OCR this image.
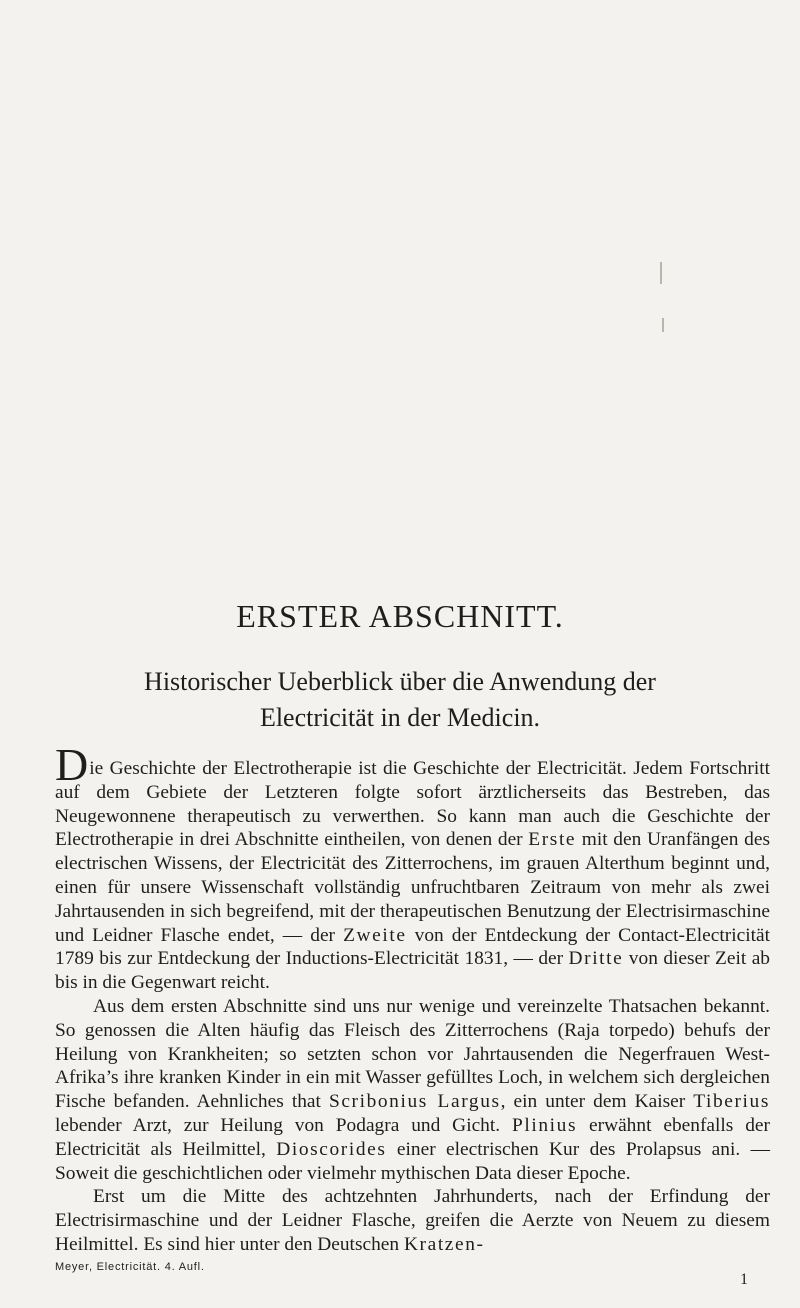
ERSTER ABSCHNITT.
Historischer Ueberblick über die Anwendung der
Electricität in der Medicin.

Die Geschichte der Electrotherapie ist die Geschichte der Electricität. Jedem Fortschritt auf dem Gebiete der Letzteren folgte sofort ärztlicherseits das Bestreben, das Neugewonnene therapeutisch zu verwerthen. So kann man auch die Geschichte der Electrotherapie in drei Abschnitte eintheilen, von denen der Erste mit den Uranfängen des electrischen Wissens, der Electricität des Zitterrochens, im grauen Alterthum beginnt und, einen für unsere Wissenschaft vollständig unfruchtbaren Zeitraum von mehr als zwei Jahrtausenden in sich begreifend, mit der therapeutischen Benutzung der Electrisirmaschine und Leidner Flasche endet, — der Zweite von der Entdeckung der Contact-Electricität 1789 bis zur Entdeckung der Inductions-Electricität 1831, — der Dritte von dieser Zeit ab bis in die Gegenwart reicht.

Aus dem ersten Abschnitte sind uns nur wenige und vereinzelte Thatsachen bekannt. So genossen die Alten häufig das Fleisch des Zitterrochens (Raja torpedo) behufs der Heilung von Krankheiten; so setzten schon vor Jahrtausenden die Negerfrauen West-Afrika’s ihre kranken Kinder in ein mit Wasser gefülltes Loch, in welchem sich dergleichen Fische befanden. Aehnliches that Scribonius Largus, ein unter dem Kaiser Tiberius lebender Arzt, zur Heilung von Podagra und Gicht. Plinius erwähnt ebenfalls der Electricität als Heilmittel, Dioscorides einer electrischen Kur des Prolapsus ani. — Soweit die geschichtlichen oder vielmehr mythischen Data dieser Epoche.

Erst um die Mitte des achtzehnten Jahrhunderts, nach der Erfindung der Electrisirmaschine und der Leidner Flasche, greifen die Aerzte von Neuem zu diesem Heilmittel. Es sind hier unter den Deutschen Kratzen-

Meyer, Electricität. 4. Aufl.
1
